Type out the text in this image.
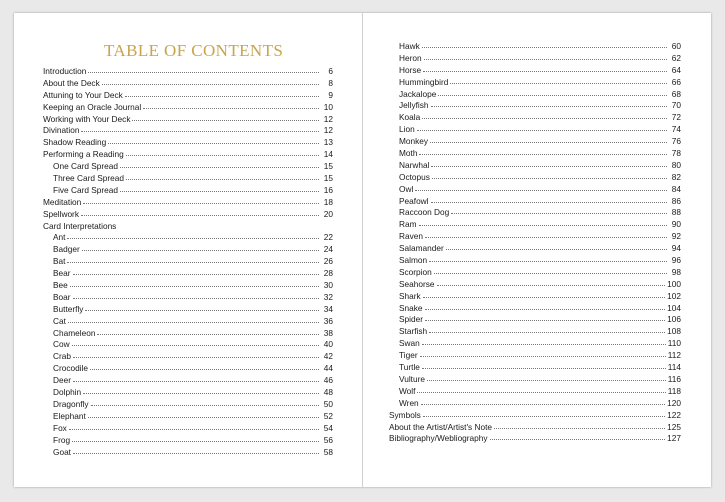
TABLE OF CONTENTS
Introduction	6
About the Deck	8
Attuning to Your Deck	9
Keeping an Oracle Journal	10
Working with Your Deck	12
Divination	12
Shadow Reading	13
Performing a Reading	14
One Card Spread	15
Three Card Spread	15
Five Card Spread	16
Meditation	18
Spellwork	20
Card Interpretations
Ant	22
Badger	24
Bat	26
Bear	28
Bee	30
Boar	32
Butterfly	34
Cat	36
Chameleon	38
Cow	40
Crab	42
Crocodile	44
Deer	46
Dolphin	48
Dragonfly	50
Elephant	52
Fox	54
Frog	56
Goat	58
Hawk	60
Heron	62
Horse	64
Hummingbird	66
Jackalope	68
Jellyfish	70
Koala	72
Lion	74
Monkey	76
Moth	78
Narwhal	80
Octopus	82
Owl	84
Peafowl	86
Raccoon Dog	88
Ram	90
Raven	92
Salamander	94
Salmon	96
Scorpion	98
Seahorse	100
Shark	102
Snake	104
Spider	106
Starfish	108
Swan	110
Tiger	112
Turtle	114
Vulture	116
Wolf	118
Wren	120
Symbols	122
About the Artist/Artist's Note	125
Bibliography/Webliography	127
